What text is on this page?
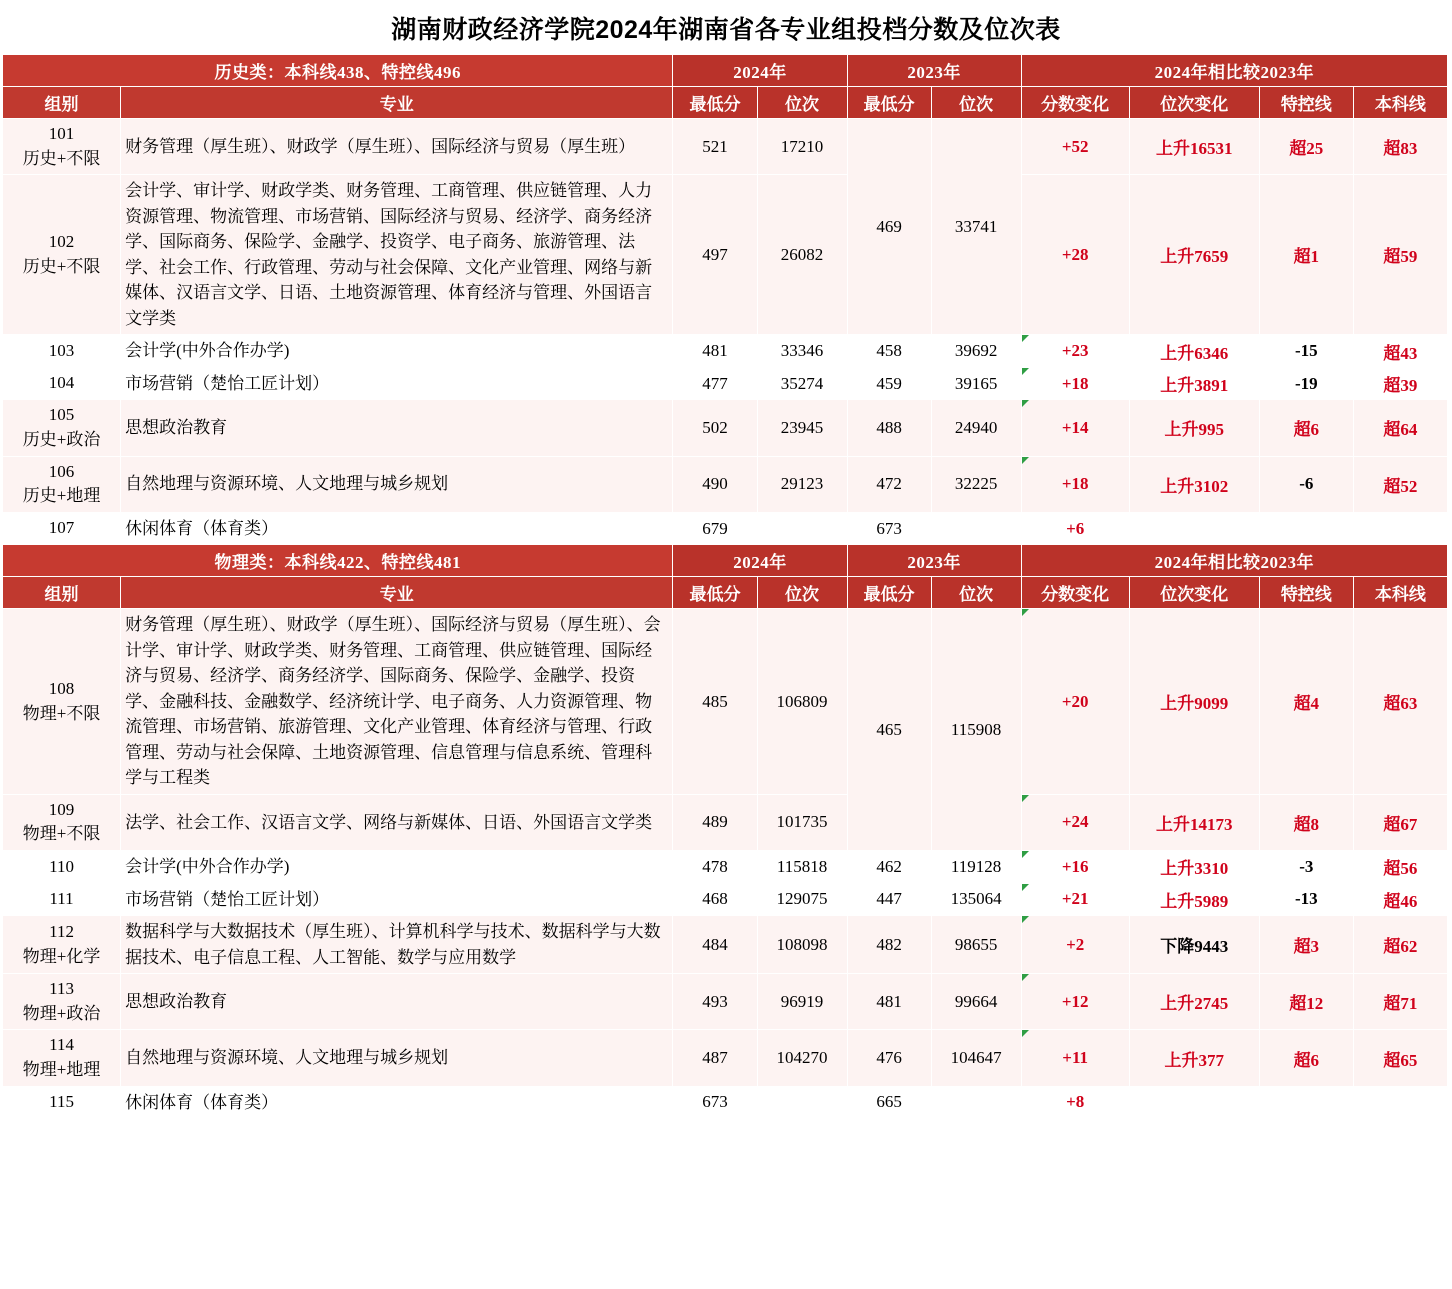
湖南财政经济学院2024年湖南省各专业组投档分数及位次表
历史类：本科线438、特控线496		2024年		2023年		2024年相比较2023年			
组别	专业	最低分	位次	最低分	位次	分数变化	位次变化	特控线	本科线

101
历史+不限	财务管理（厚生班）、财政学（厚生班）、国际经济与贸易（厚生班）	521	17210	469	33741	+52	上升16531	超25	超83

102
历史+不限	会计学、审计学、财政学类、财务管理、工商管理、供应链管理、人力资源管理、物流管理、市场营销、国际经济与贸易、经济学、商务经济学、国际商务、保险学、金融学、投资学、电子商务、旅游管理、法学、社会工作、行政管理、劳动与社会保障、文化产业管理、网络与新媒体、汉语言文学、日语、土地资源管理、体育经济与管理、外国语言文学类	497	26082			+28	上升7659	超1	超59

103	会计学(中外合作办学)	481	33346	458	39692	+23	上升6346	-15	超43

104	市场营销（楚怡工匠计划）	477	35274	459	39165	+18	上升3891	-19	超39

105
历史+政治	思想政治教育	502	23945	488	24940	+14	上升995	超6	超64

106
历史+地理	自然地理与资源环境、人文地理与城乡规划	490	29123	472	32225	+18	上升3102	-6	超52

107	休闲体育（体育类）	679		673		+6			
物理类：本科线422、特控线481		2024年		2023年		2024年相比较2023年			
组别	专业	最低分	位次	最低分	位次	分数变化	位次变化	特控线	本科线

108
物理+不限	财务管理（厚生班）、财政学（厚生班）、国际经济与贸易（厚生班）、会计学、审计学、财政学类、财务管理、工商管理、供应链管理、国际经济与贸易、经济学、商务经济学、国际商务、保险学、金融学、投资学、金融科技、金融数学、经济统计学、电子商务、人力资源管理、物流管理、市场营销、旅游管理、文化产业管理、体育经济与管理、行政管理、劳动与社会保障、土地资源管理、信息管理与信息系统、管理科学与工程类	485	106809	465	115908	+20	上升9099	超4	超63

109
物理+不限	法学、社会工作、汉语言文学、网络与新媒体、日语、外国语言文学类	489	101735			+24	上升14173	超8	超67

110	会计学(中外合作办学)	478	115818	462	119128	+16	上升3310	-3	超56

111	市场营销（楚怡工匠计划）	468	129075	447	135064	+21	上升5989	-13	超46

112
物理+化学	数据科学与大数据技术（厚生班）、计算机科学与技术、数据科学与大数据技术、电子信息工程、人工智能、数学与应用数学	484	108098	482	98655	+2	下降9443	超3	超62

113
物理+政治	思想政治教育	493	96919	481	99664	+12	上升2745	超12	超71

114
物理+地理	自然地理与资源环境、人文地理与城乡规划	487	104270	476	104647	+11	上升377	超6	超65

115	休闲体育（体育类）	673		665		+8			
